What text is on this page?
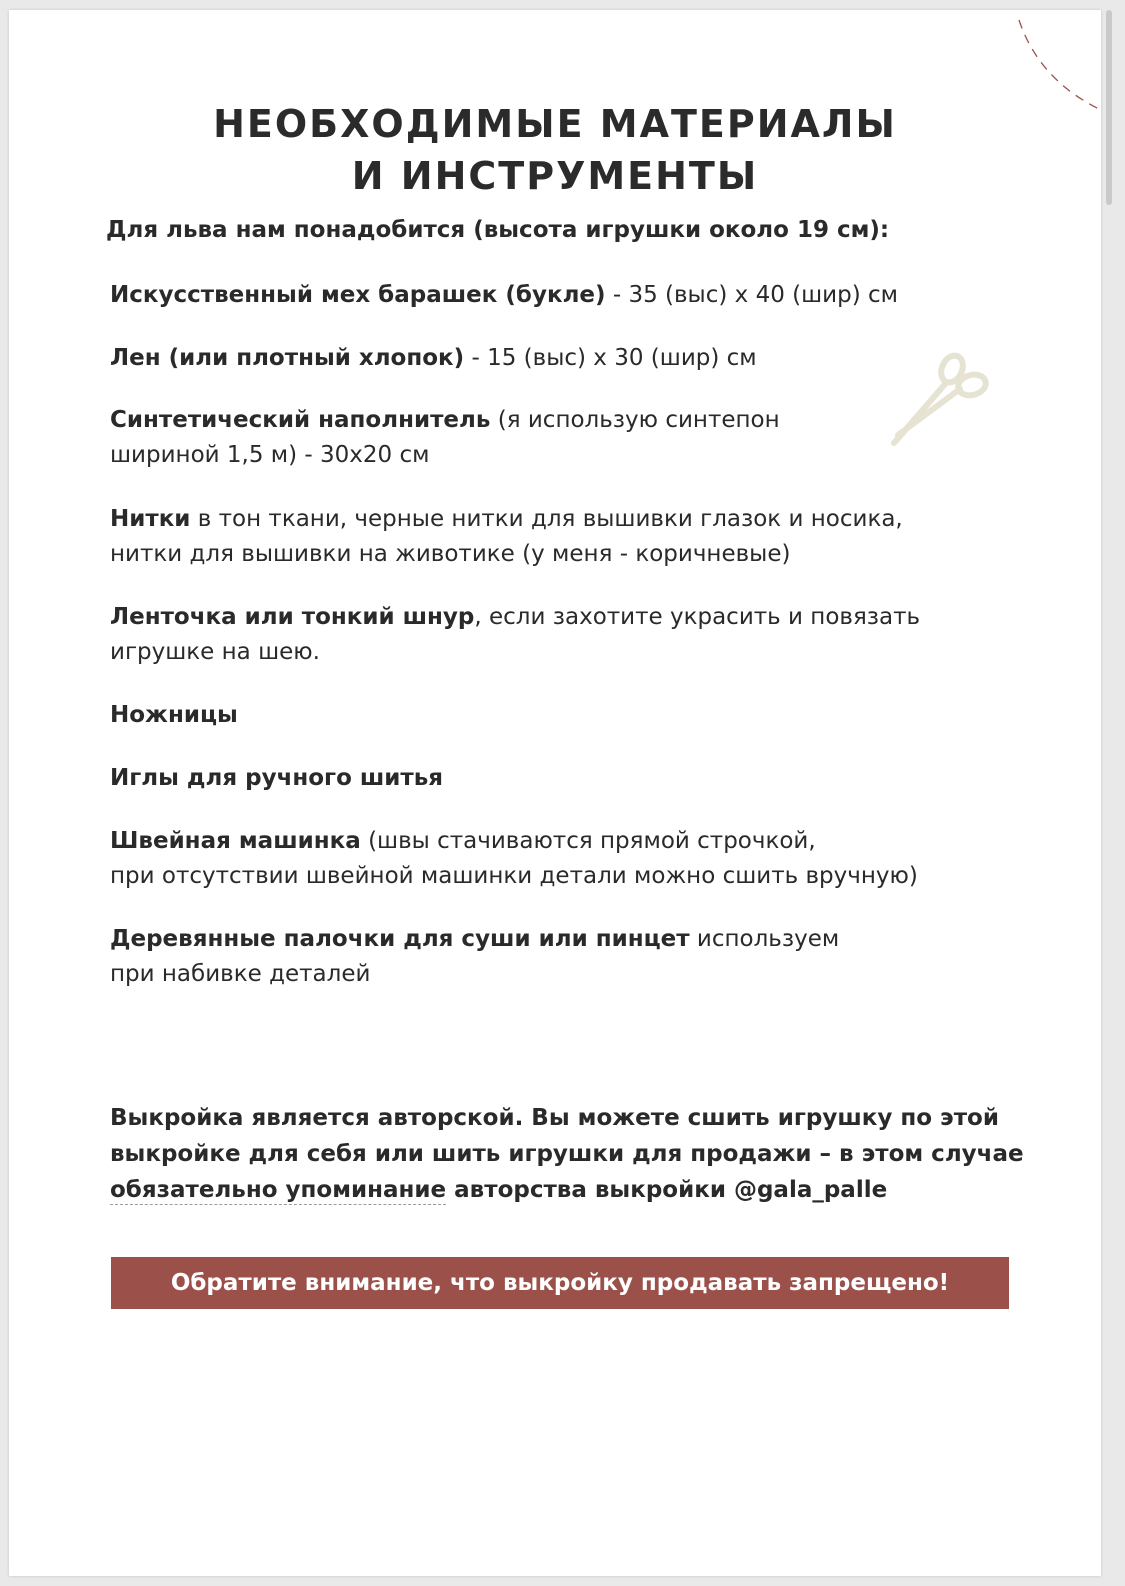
НЕОБХОДИМЫЕ МАТЕРИАЛЫ
И ИНСТРУМЕНТЫ
Для льва нам понадобится (высота игрушки около 19 см):
Искусственный мех барашек (букле) - 35 (выс) х 40 (шир) см
Лен (или плотный хлопок) - 15 (выс) х 30 (шир) см
Синтетический наполнитель (я использую синтепон
шириной 1,5 м) - 30х20 см
Нитки в тон ткани, черные нитки для вышивки глазок и носика,
нитки для вышивки на животике (у меня - коричневые)
Ленточка или тонкий шнур, если захотите украсить и повязать
игрушке на шею.
Ножницы
Иглы для ручного шитья
Швейная машинка (швы стачиваются прямой строчкой,
при отсутствии швейной машинки детали можно сшить вручную)
Деревянные палочки для суши или пинцет используем
при набивке деталей
Выкройка является авторской. Вы можете сшить игрушку по этой
выкройке для себя или шить игрушки для продажи – в этом случае
обязательно упоминание авторства выкройки @gala_palle
Обратите внимание, что выкройку продавать запрещено!
